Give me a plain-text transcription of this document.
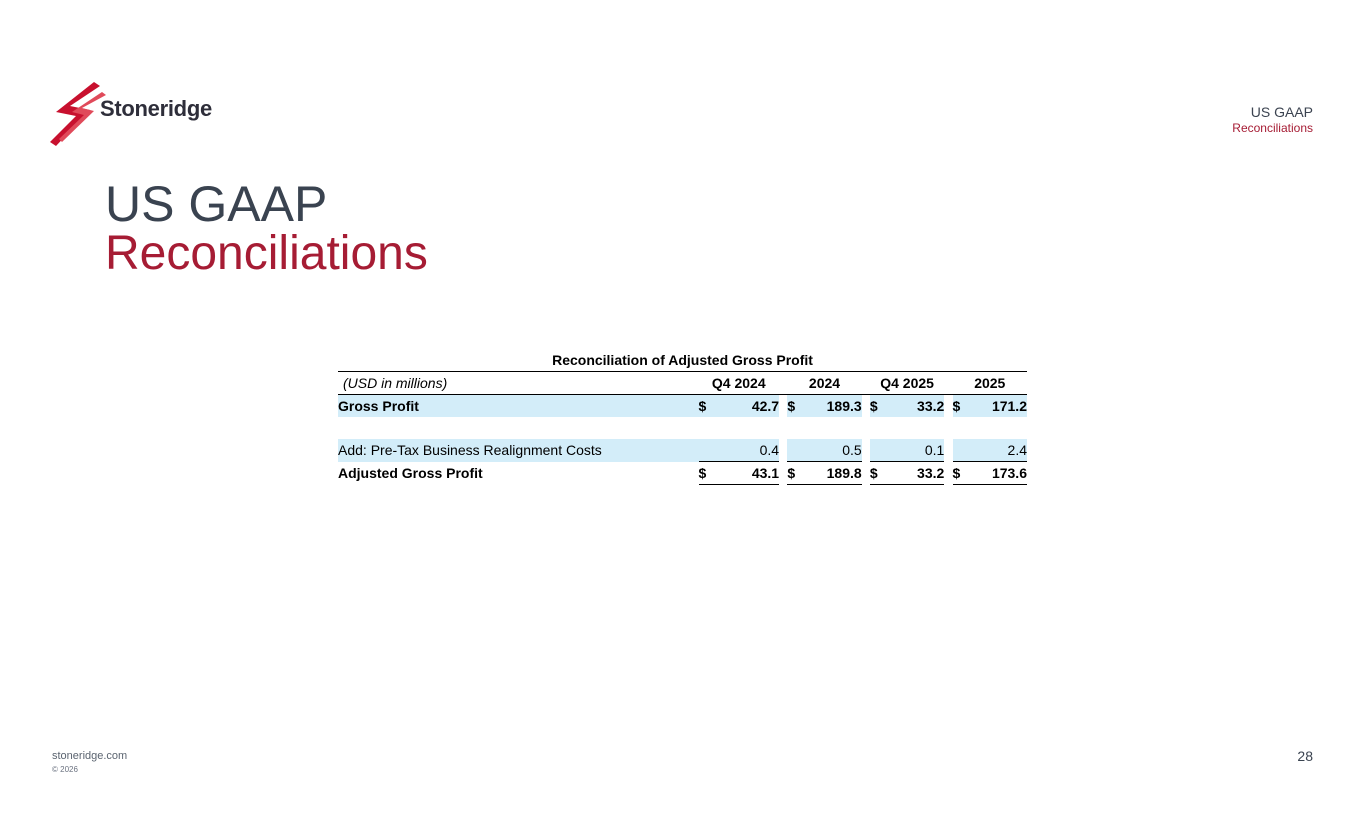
Stoneridge	US GAAP
Reconciliations
US GAAP
Reconciliations
Reconciliation of Adjusted Gross Profit											
(USD in millions)	Q4 2024			2024			Q4 2025			2025	
Gross Profit	$	42.7		$	189.3		$	33.2		$	171.2

Add: Pre-Tax Business Realignment Costs		0.4			0.5			0.1			2.4
Adjusted Gross Profit	$	43.1		$	189.8		$	33.2		$	173.6
stoneridge.com
© 2026
28
